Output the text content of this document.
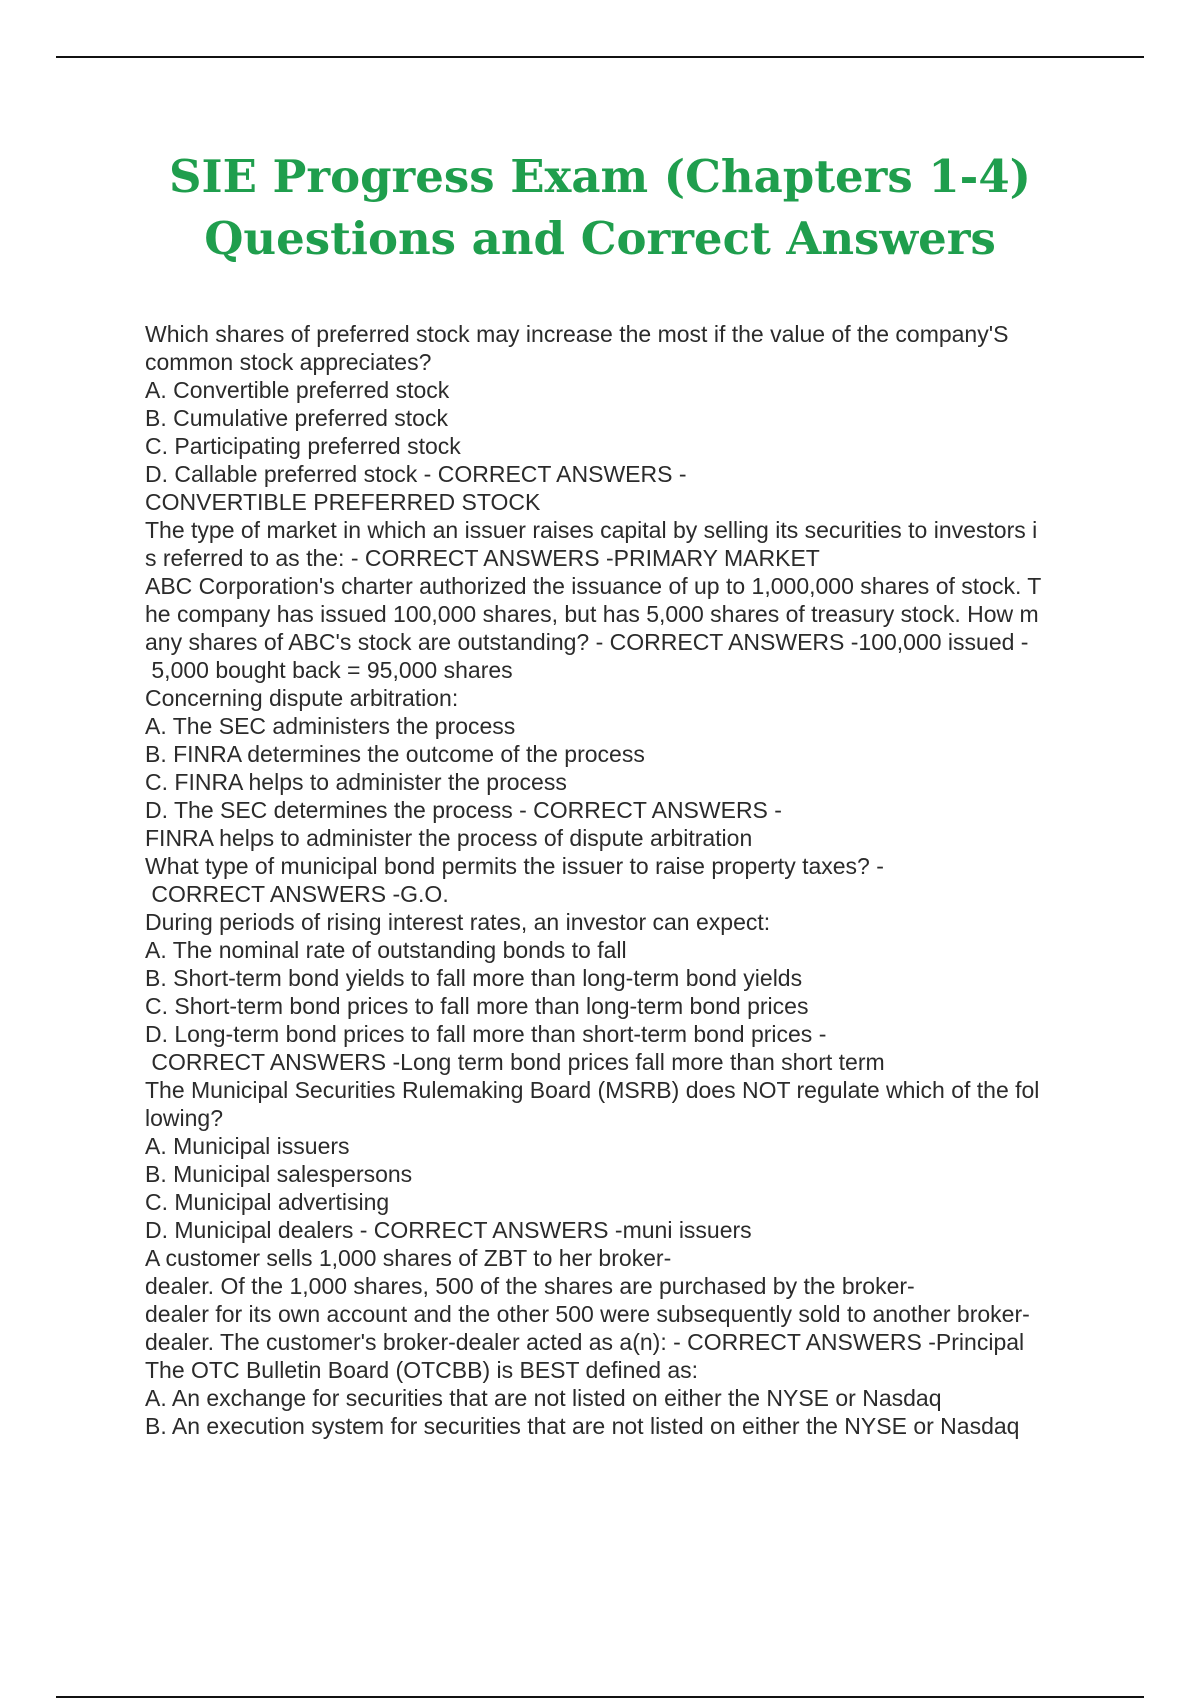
SIE Progress Exam (Chapters 1-4)
Questions and Correct Answers
Which shares of preferred stock may increase the most if the value of the company'S
common stock appreciates?
A. Convertible preferred stock
B. Cumulative preferred stock
C. Participating preferred stock
D. Callable preferred stock - CORRECT ANSWERS -
CONVERTIBLE PREFERRED STOCK
The type of market in which an issuer raises capital by selling its securities to investors i
s referred to as the: - CORRECT ANSWERS -PRIMARY MARKET
ABC Corporation's charter authorized the issuance of up to 1,000,000 shares of stock. T
he company has issued 100,000 shares, but has 5,000 shares of treasury stock. How m
any shares of ABC's stock are outstanding? - CORRECT ANSWERS -100,000 issued -
5,000 bought back = 95,000 shares
Concerning dispute arbitration:
A. The SEC administers the process
B. FINRA determines the outcome of the process
C. FINRA helps to administer the process
D. The SEC determines the process - CORRECT ANSWERS -
FINRA helps to administer the process of dispute arbitration
What type of municipal bond permits the issuer to raise property taxes? -
CORRECT ANSWERS -G.O.
During periods of rising interest rates, an investor can expect:
A. The nominal rate of outstanding bonds to fall
B. Short-term bond yields to fall more than long-term bond yields
C. Short-term bond prices to fall more than long-term bond prices
D. Long-term bond prices to fall more than short-term bond prices -
CORRECT ANSWERS -Long term bond prices fall more than short term
The Municipal Securities Rulemaking Board (MSRB) does NOT regulate which of the fol
lowing?
A. Municipal issuers
B. Municipal salespersons
C. Municipal advertising
D. Municipal dealers - CORRECT ANSWERS -muni issuers
A customer sells 1,000 shares of ZBT to her broker-
dealer. Of the 1,000 shares, 500 of the shares are purchased by the broker-
dealer for its own account and the other 500 were subsequently sold to another broker-
dealer. The customer's broker-dealer acted as a(n): - CORRECT ANSWERS -Principal
The OTC Bulletin Board (OTCBB) is BEST defined as:
A. An exchange for securities that are not listed on either the NYSE or Nasdaq
B. An execution system for securities that are not listed on either the NYSE or Nasdaq
